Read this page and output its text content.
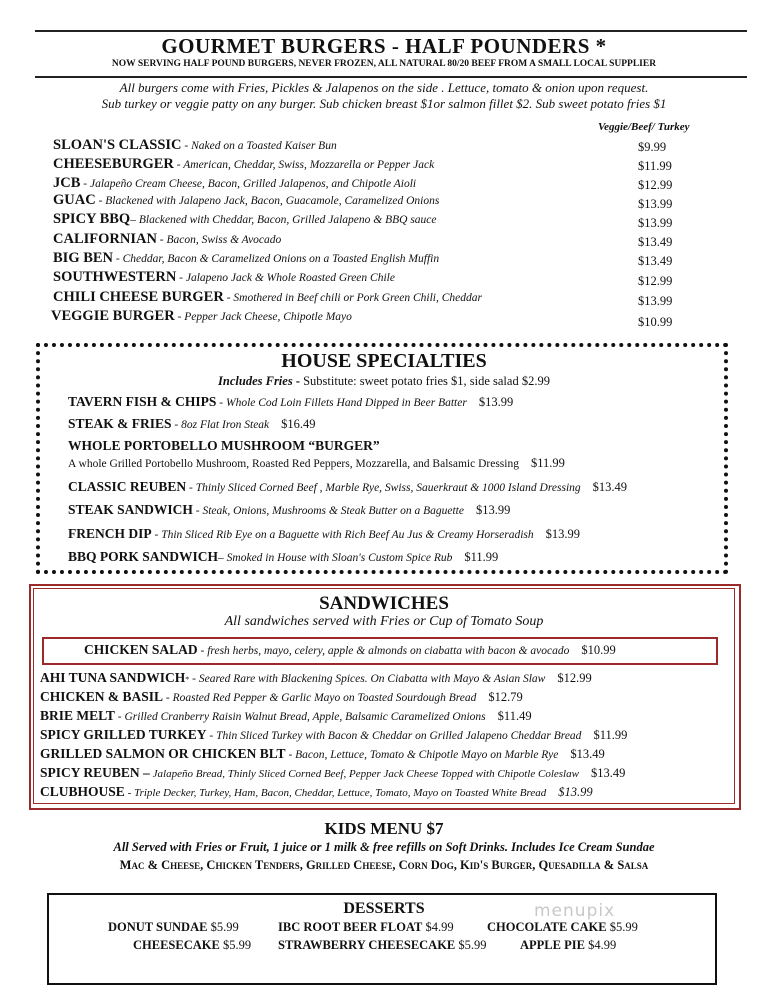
GOURMET BURGERS - HALF POUNDERS *
NOW SERVING HALF POUND BURGERS, NEVER FROZEN, ALL NATURAL 80/20 BEEF FROM A SMALL LOCAL SUPPLIER
All burgers come with Fries, Pickles & Jalapenos on the side . Lettuce, tomato & onion upon request.
Sub turkey or veggie patty on any burger. Sub chicken breast $1or salmon fillet $2. Sub sweet potato fries $1
Veggie/Beef/ Turkey
SLOAN'S CLASSIC - Naked on a Toasted Kaiser Bun	$9.99
CHEESEBURGER - American, Cheddar, Swiss, Mozzarella or Pepper Jack	$11.99
JCB - Jalapeño Cream Cheese, Bacon, Grilled Jalapenos, and Chipotle Aioli	$12.99
GUAC - Blackened with Jalapeno Jack, Bacon, Guacamole, Caramelized Onions	$13.99
SPICY BBQ– Blackened with Cheddar, Bacon, Grilled Jalapeno & BBQ sauce	$13.99
CALIFORNIAN - Bacon, Swiss & Avocado	$13.49
BIG BEN - Cheddar, Bacon & Caramelized Onions on a Toasted English Muffin	$13.49
SOUTHWESTERN - Jalapeno Jack & Whole Roasted Green Chile	$12.99
CHILI CHEESE BURGER - Smothered in Beef chili or Pork Green Chili, Cheddar	$13.99
VEGGIE BURGER - Pepper Jack Cheese, Chipotle Mayo	$10.99
HOUSE SPECIALTIES
Includes Fries - Substitute: sweet potato fries $1, side salad $2.99
TAVERN FISH & CHIPS - Whole Cod Loin Fillets Hand Dipped in Beer Batter $13.99
STEAK & FRIES - 8oz Flat Iron Steak $16.49
WHOLE PORTOBELLO MUSHROOM “BURGER”
A whole Grilled Portobello Mushroom, Roasted Red Peppers, Mozzarella, and Balsamic Dressing $11.99
CLASSIC REUBEN - Thinly Sliced Corned Beef , Marble Rye, Swiss, Sauerkraut & 1000 Island Dressing $13.49
STEAK SANDWICH - Steak, Onions, Mushrooms & Steak Butter on a Baguette $13.99
FRENCH DIP - Thin Sliced Rib Eye on a Baguette with Rich Beef Au Jus & Creamy Horseradish $13.99
BBQ PORK SANDWICH– Smoked in House with Sloan's Custom Spice Rub $11.99
SANDWICHES
All sandwiches served with Fries or Cup of Tomato Soup
CHICKEN SALAD - fresh herbs, mayo, celery, apple & almonds on ciabatta with bacon & avocado $10.99
AHI TUNA SANDWICH* - Seared Rare with Blackening Spices. On Ciabatta with Mayo & Asian Slaw $12.99
CHICKEN & BASIL - Roasted Red Pepper & Garlic Mayo on Toasted Sourdough Bread $12.79
BRIE MELT - Grilled Cranberry Raisin Walnut Bread, Apple, Balsamic Caramelized Onions $11.49
SPICY GRILLED TURKEY - Thin Sliced Turkey with Bacon & Cheddar on Grilled Jalapeno Cheddar Bread $11.99
GRILLED SALMON OR CHICKEN BLT - Bacon, Lettuce, Tomato & Chipotle Mayo on Marble Rye $13.49
SPICY REUBEN – Jalapeño Bread, Thinly Sliced Corned Beef, Pepper Jack Cheese Topped with Chipotle Coleslaw $13.49
CLUBHOUSE - Triple Decker, Turkey, Ham, Bacon, Cheddar, Lettuce, Tomato, Mayo on Toasted White Bread $13.99
KIDS MENU $7
All Served with Fries or Fruit, 1 juice or 1 milk & free refills on Soft Drinks. Includes Ice Cream Sundae
Mac & Cheese, Chicken Tenders, Grilled Cheese, Corn Dog, Kid's Burger, Quesadilla & Salsa
DESSERTS
DONUT SUNDAE $5.99	IBC ROOT BEER FLOAT $4.99	CHOCOLATE CAKE $5.99
CHEESECAKE $5.99 STRAWBERRY CHEESECAKE $5.99	APPLE PIE $4.99
menupix
